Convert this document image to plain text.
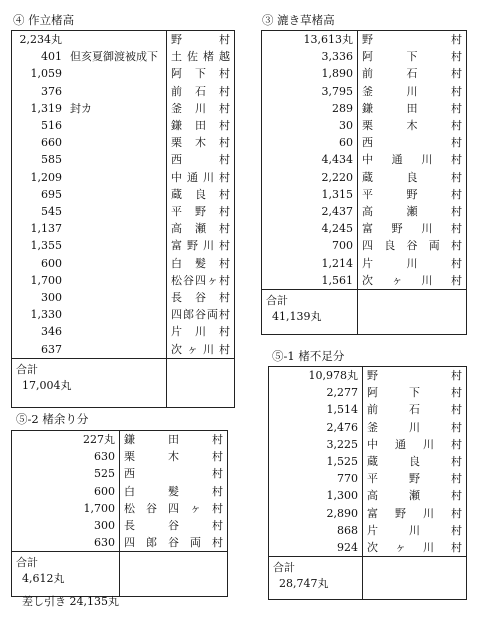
④ 作立楮高
2,234丸	野 村

401 但亥夏御渡被成下	土佐楮越

1,059	阿 下 村

376	前 石 村

1,319 封カ	釜 川 村

516	鎌 田 村

660	栗 木 村

585	西 村

1,209	中 通 川 村

695	蔵 良 村

545	平 野 村

1,137	高 瀬 村

1,355	富 野 川 村

600	白 髪 村

1,700	松谷四ヶ村

300	長 谷 村

1,330	四郎谷両村

346	片 川 村

637	次 ヶ 川 村

合計
17,004丸	

③ 漉き草楮高
13,613丸	野 村
3,336	阿 下 村
1,890	前 石 村
3,795	釜 川 村
289	鎌 田 村
30	栗 木 村
60	西 村
4,434	中 通 川 村
2,220	蔵 良 村
1,315	平 野 村
2,437	高 瀬 村
4,245	富 野 川 村
700	四 良 谷 両 村
1,214	片 川 村
1,561	次 ヶ 川 村

合計
41,139丸	

⑤-1 楮不足分
10,978丸	野 村
2,277	阿 下 村
1,514	前 石 村
2,476	釜 川 村
3,225	中 通 川 村
1,525	蔵 良 村
770	平 野 村
1,300	高 瀬 村
2,890	富 野 川 村
868	片 川 村
924	次 ヶ 川 村

合計
28,747丸	

⑤-2 楮余り分
227丸	鎌 田 村
630	栗 木 村
525	西 村
600	白 髪 村
1,700	松 谷 四 ヶ 村
300	長 谷 村
630	四 郎 谷 両 村

合計
4,612丸	

差し引き 24,135丸
